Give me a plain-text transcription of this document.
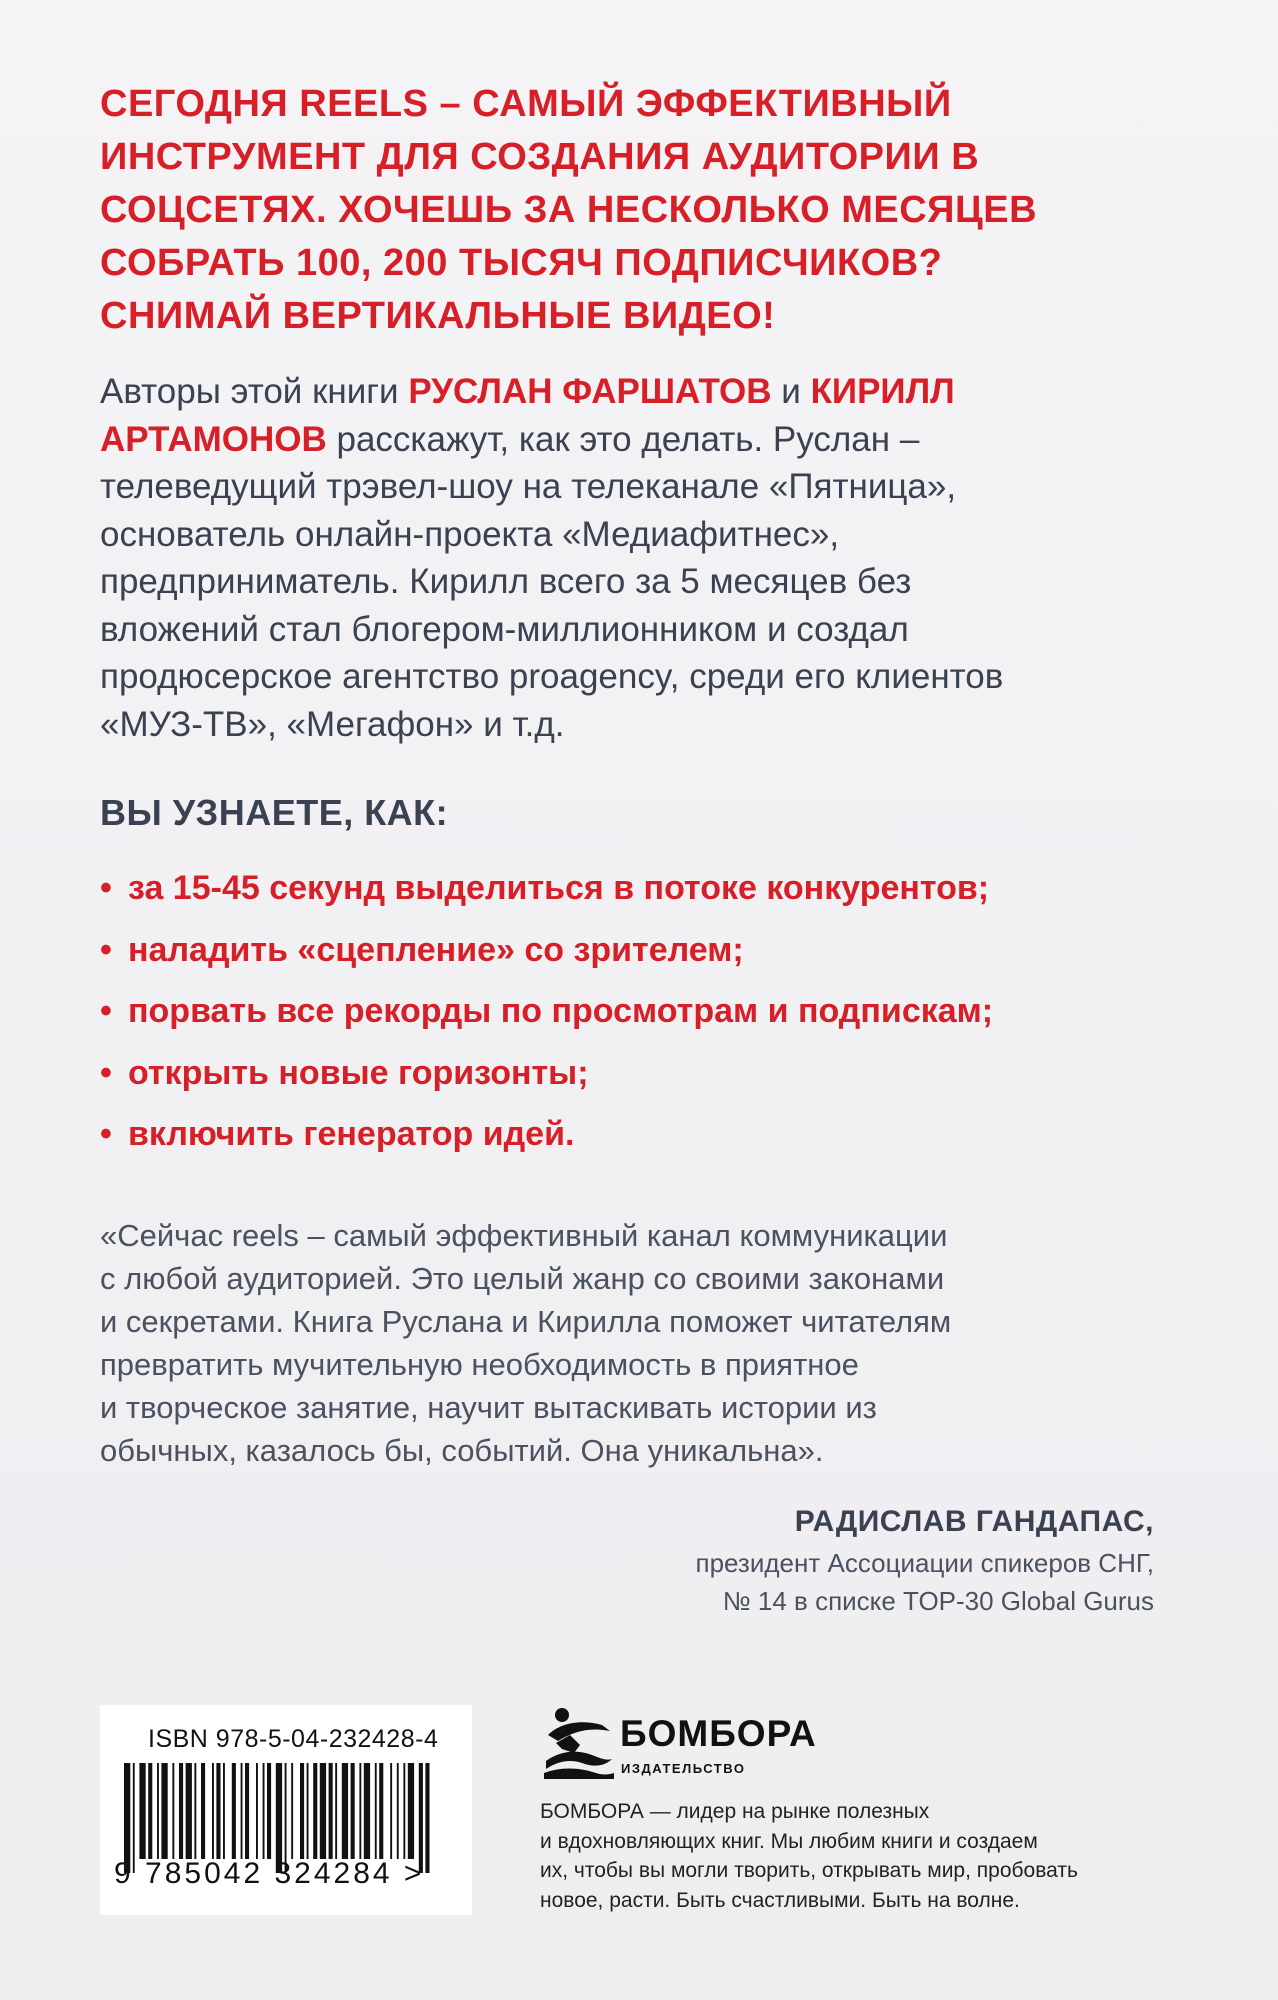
СЕГОДНЯ REELS – САМЫЙ ЭФФЕКТИВНЫЙ
ИНСТРУМЕНТ ДЛЯ СОЗДАНИЯ АУДИТОРИИ В
СОЦСЕТЯХ. ХОЧЕШЬ ЗА НЕСКОЛЬКО МЕСЯЦЕВ
СОБРАТЬ 100, 200 ТЫСЯЧ ПОДПИСЧИКОВ?
СНИМАЙ ВЕРТИКАЛЬНЫЕ ВИДЕО!

Авторы этой книги РУСЛАН ФАРШАТОВ и КИРИЛЛ
АРТАМОНОВ расскажут, как это делать. Руслан –
телеведущий трэвел-шоу на телеканале «Пятница»,
основатель онлайн-проекта «Медиафитнес»,
предприниматель. Кирилл всего за 5 месяцев без
вложений стал блогером-миллионником и создал
продюсерское агентство proagency, среди его клиентов
«МУЗ-ТВ», «Мегафон» и т.д.

ВЫ УЗНАЕТЕ, КАК:
• за 15-45 секунд выделиться в потоке конкурентов;
• наладить «сцепление» со зрителем;
• порвать все рекорды по просмотрам и подпискам;
• открыть новые горизонты;
• включить генератор идей.
«Сейчас reels – самый эффективный канал коммуникации
с любой аудиторией. Это целый жанр со своими законами
и секретами. Книга Руслана и Кирилла поможет читателям
превратить мучительную необходимость в приятное
и творческое занятие, научит вытаскивать истории из
обычных, казалось бы, событий. Она уникальна».
РАДИСЛАВ ГАНДАПАС,
президент Ассоциации спикеров СНГ,
№ 14 в списке TOP-30 Global Gurus
ISBN 978-5-04-232428-4
9 785042 324284 >
БОМБОРА
ИЗДАТЕЛЬСТВО

БОМБОРА — лидер на рынке полезных
и вдохновляющих книг. Мы любим книги и создаем
их, чтобы вы могли творить, открывать мир, пробовать
новое, расти. Быть счастливыми. Быть на волне.
